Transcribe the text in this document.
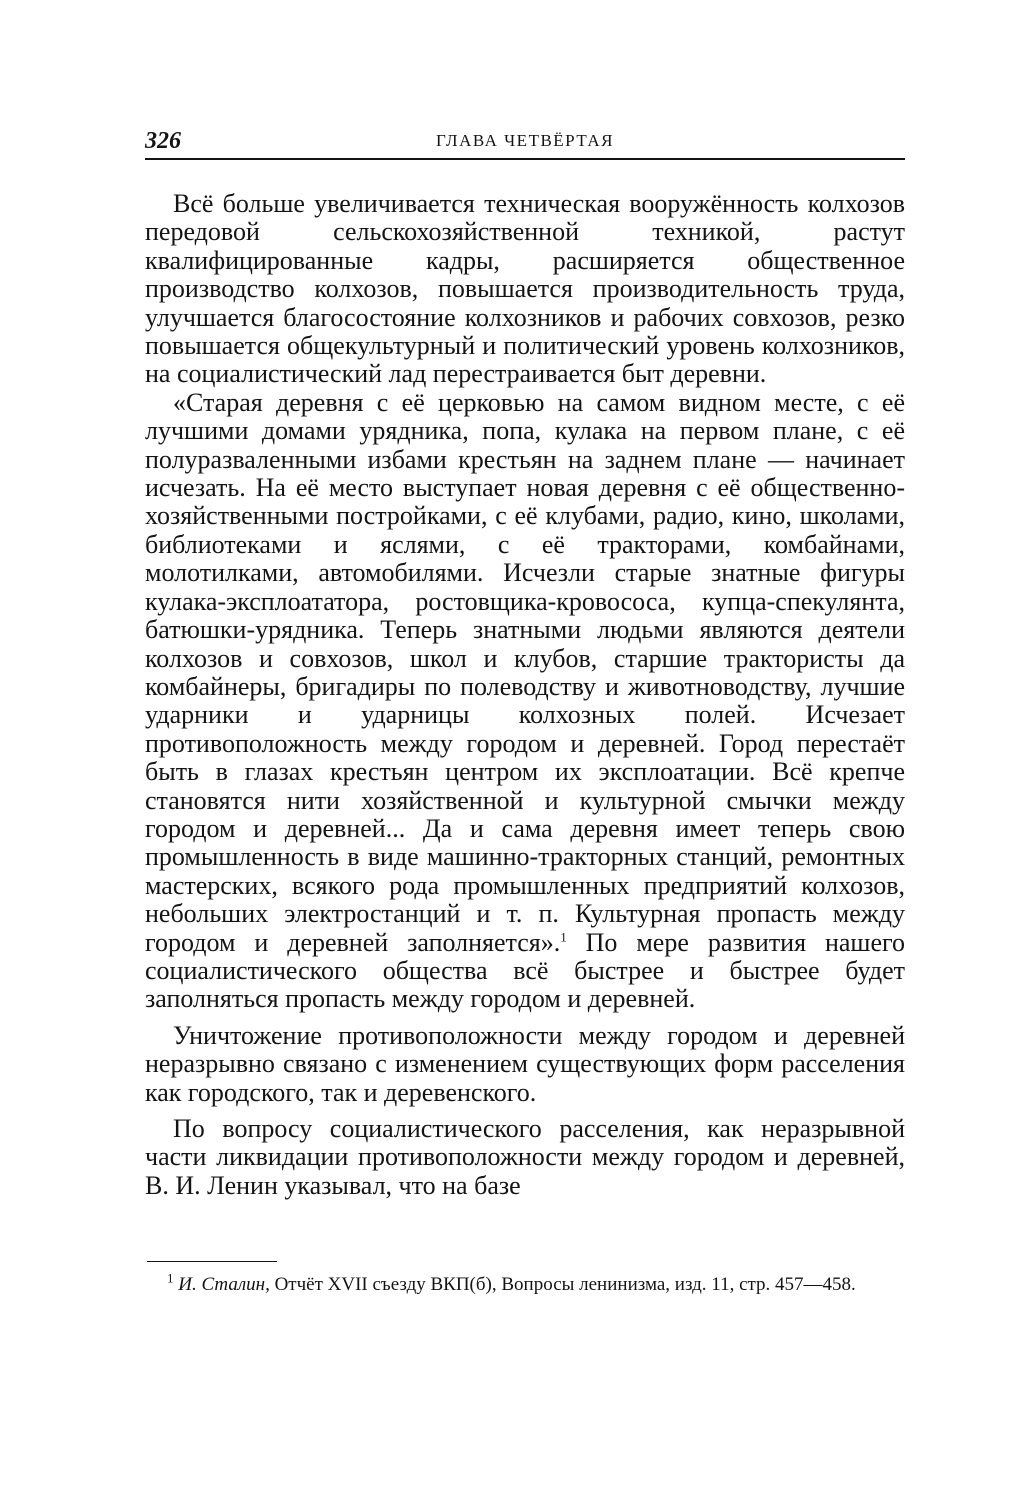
326	ГЛАВА ЧЕТВЁРТАЯ

Всё больше увеличивается техническая вооружённость колхозов передовой сельскохозяйственной техникой, растут квалифицированные кадры, расширяется общественное производство колхозов, повышается производительность труда, улучшается благосостояние колхозников и рабочих совхозов, резко повышается общекультурный и политический уровень колхозников, на социалистический лад перестраивается быт деревни.

«Старая деревня с её церковью на самом видном месте, с её лучшими домами урядника, попа, кулака на первом плане, с её полуразваленными избами крестьян на заднем плане — начинает исчезать. На её место выступает новая деревня с её общественно-хозяйственными постройками, с её клубами, радио, кино, школами, библиотеками и яслями, с её тракторами, комбайнами, молотилками, автомобилями. Исчезли старые знатные фигуры кулака-эксплоататора, ростовщика-кровососа, купца-спекулянта, батюшки-урядника. Теперь знатными людьми являются деятели колхозов и совхозов, школ и клубов, старшие трактористы да комбайнеры, бригадиры по полеводству и животноводству, лучшие ударники и ударницы колхозных полей. Исчезает противоположность между городом и деревней. Город перестаёт быть в глазах крестьян центром их эксплоатации. Всё крепче становятся нити хозяйственной и культурной смычки между городом и деревней... Да и сама деревня имеет теперь свою промышленность в виде машинно-тракторных станций, ремонтных мастерских, всякого рода промышленных предприятий колхозов, небольших электростанций и т. п. Культурная пропасть между городом и деревней заполняется».$^1$ По мере развития нашего социалистического общества всё быстрее и быстрее будет заполняться пропасть между городом и деревней.

Уничтожение противоположности между городом и деревней неразрывно связано с изменением существующих форм расселения как городского, так и деревенского.

По вопросу социалистического расселения, как неразрывной части ликвидации противоположности между городом и деревней, В. И. Ленин указывал, что на базе

$^1$ И. Сталин, Отчёт XVII съезду ВКП(б), Вопросы ленинизма, изд. 11, стр. 457—458.
